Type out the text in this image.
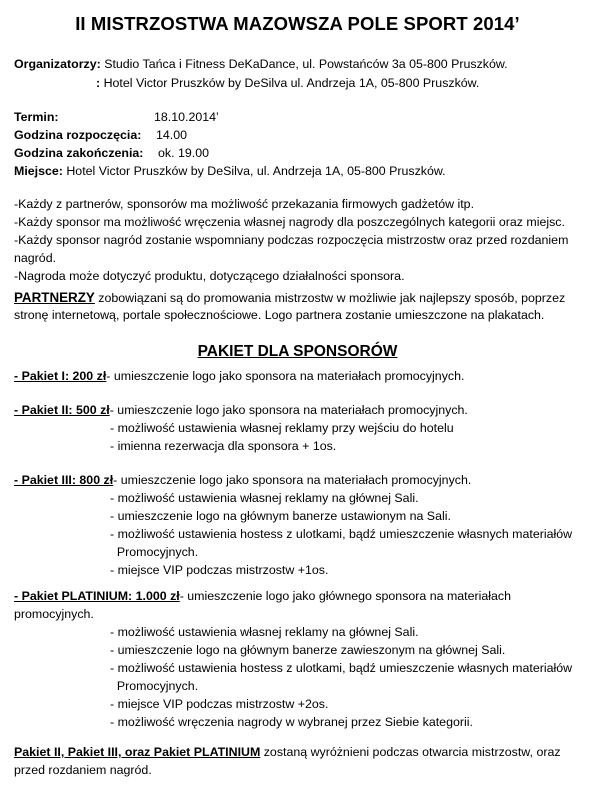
II MISTRZOSTWA MAZOWSZA POLE SPORT 2014’
Organizatorzy: Studio Tańca i Fitness DeKaDance, ul. Powstańców 3a 05-800 Pruszków.
: Hotel Victor Pruszków by DeSilva ul. Andrzeja 1A, 05-800 Pruszków.
Termin:	18.10.2014’
Godzina rozpoczęcia: 14.00
Godzina zakończenia: ok. 19.00
Miejsce: Hotel Victor Pruszków by DeSilva, ul. Andrzeja 1A, 05-800 Pruszków.
-Każdy z partnerów, sponsorów ma możliwość przekazania firmowych gadżetów itp.
-Każdy sponsor ma możliwość wręczenia własnej nagrody dla poszczególnych kategorii oraz miejsc.
-Każdy sponsor nagród zostanie wspomniany podczas rozpoczęcia mistrzostw oraz przed rozdaniem
nagród.
-Nagroda może dotyczyć produktu, dotyczącego działalności sponsora.
PARTNERZY zobowiązani są do promowania mistrzostw w możliwie jak najlepszy sposób, poprzez
stronę internetową, portale społecznościowe. Logo partnera zostanie umieszczone na plakatach.
PAKIET DLA SPONSORÓW
- Pakiet I: 200 zł- umieszczenie logo jako sponsora na materiałach promocyjnych.
- Pakiet II: 500 zł- umieszczenie logo jako sponsora na materiałach promocyjnych.
- możliwość ustawienia własnej reklamy przy wejściu do hotelu
- imienna rezerwacja dla sponsora + 1os.
- Pakiet III: 800 zł- umieszczenie logo jako sponsora na materiałach promocyjnych.
- możliwość ustawienia własnej reklamy na głównej Sali.
- umieszczenie logo na głównym banerze ustawionym na Sali.
- możliwość ustawienia hostess z ulotkami, bądź umieszczenie własnych materiałów
Promocyjnych.
- miejsce VIP podczas mistrzostw +1os.
- Pakiet PLATINIUM: 1.000 zł- umieszczenie logo jako głównego sponsora na materiałach
promocyjnych.
- możliwość ustawienia własnej reklamy na głównej Sali.
- umieszczenie logo na głównym banerze zawieszonym na głównej Sali.
- możliwość ustawienia hostess z ulotkami, bądź umieszczenie własnych materiałów
Promocyjnych.
- miejsce VIP podczas mistrzostw +2os.
- możliwość wręczenia nagrody w wybranej przez Siebie kategorii.
Pakiet II, Pakiet III, oraz Pakiet PLATINIUM zostaną wyróżnieni podczas otwarcia mistrzostw, oraz
przed rozdaniem nagród.
